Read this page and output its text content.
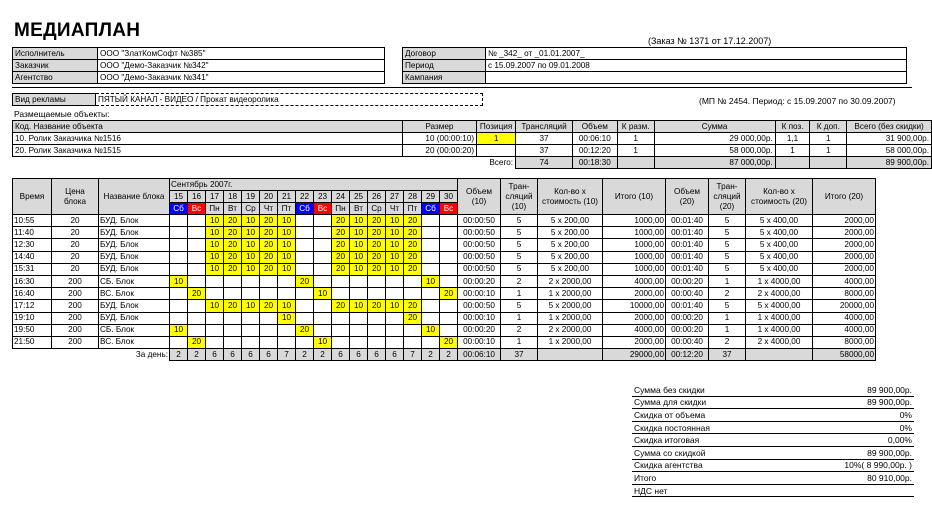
МЕДИАПЛАН	(Заказ № 1371 от 17.12.2007)
Исполнитель	ООО "ЗлатКомСофт №385"
Заказчик	ООО "Демо-Заказчик №342"
Агентство	ООО "Демо-Заказчик №341"
Договор	№ _342_ от _01.01.2007_
Период	с 15.09.2007 по 09.01.2008
Кампания	
Вид рекламы	ПЯТЫЙ КАНАЛ - ВИДЕО / Прокат видеоролика	(МП № 2454. Период: с 15.09.2007 по 30.09.2007)
Размещаемые объекты:
Код. Название объекта	Размер	Позиция	Трансляций	Объем	К разм.	Сумма	К поз.	К доп.	Всего (без скидки)
10. Ролик Заказчика №1516	10 (00:00:10)	1	37	00:06:10	1	29 000,00р.	1,1	1	31 900,00р.
20. Ролик Заказчика №1515	20 (00:00:20)		37	00:12:20	1	58 000,00р.	1	1	58 000,00р.
Всего:			74	00:18:30		87 000,00р.			89 900,00р.
Время	Цена блока	Название блока	Сентябрь 2007г.																Объем (10)	Тран-сляций (10)	Кол-во х стоимость (10)	Итого (10)	Объем (20)	Тран-сляций (20)	Кол-во х стоимость (20)	Итого (20)
			15	16	17	18	19	20	21	22	23	24	25	26	27	28	29	30								
			Сб	Вс	Пн	Вт	Ср	Чт	Пт	Сб	Вс	Пн	Вт	Ср	Чт	Пт	Сб	Вс								
10:55	20	БУД. Блок			10	20	10	20	10			20	10	20	10	20			00:00:50	5	5 x 200,00	1000,00	00:01:40	5	5 x 400,00	2000,00
11:40	20	БУД. Блок			10	20	10	20	10			20	10	20	10	20			00:00:50	5	5 x 200,00	1000,00	00:01:40	5	5 x 400,00	2000,00
12:30	20	БУД. Блок			10	20	10	20	10			20	10	20	10	20			00:00:50	5	5 x 200,00	1000,00	00:01:40	5	5 x 400,00	2000,00
14:40	20	БУД. Блок			10	20	10	20	10			20	10	20	10	20			00:00:50	5	5 x 200,00	1000,00	00:01:40	5	5 x 400,00	2000,00
15:31	20	БУД. Блок			10	20	10	20	10			20	10	20	10	20			00:00:50	5	5 x 200,00	1000,00	00:01:40	5	5 x 400,00	2000,00
16:30	200	СБ. Блок	10							20							10		00:00:20	2	2 x 2000,00	4000,00	00:00:20	1	1 x 4000,00	4000,00
16:40	200	ВС. Блок		20							10							20	00:00:10	1	1 x 2000,00	2000,00	00:00:40	2	2 x 4000,00	8000,00
17:12	200	БУД. Блок			10	20	10	20	10			20	10	20	10	20			00:00:50	5	5 x 2000,00	10000,00	00:01:40	5	5 x 4000,00	20000,00
19:10	200	БУД. Блок							10							20			00:00:10	1	1 x 2000,00	2000,00	00:00:20	1	1 x 4000,00	4000,00
19:50	200	СБ. Блок	10							20							10		00:00:20	2	2 x 2000,00	4000,00	00:00:20	1	1 x 4000,00	4000,00
21:50	200	ВС. Блок		20							10							20	00:00:10	1	1 x 2000,00	2000,00	00:00:40	2	2 x 4000,00	8000,00
За день:			2	2	6	6	6	6	7	2	2	6	6	6	6	7	2	2	00:06:10	37		29000,00	00:12:20	37		58000,00
Сумма без скидки	89 900,00р.
Сумма для скидки	89 900,00р.
Скидка от объема	0%
Скидка постоянная	0%
Скидка итоговая	0,00%
Сумма со скидкой	89 900,00р.
Скидка агентства	10%( 8 990,00р. )
Итого	80 910,00р.
НДС нет	
